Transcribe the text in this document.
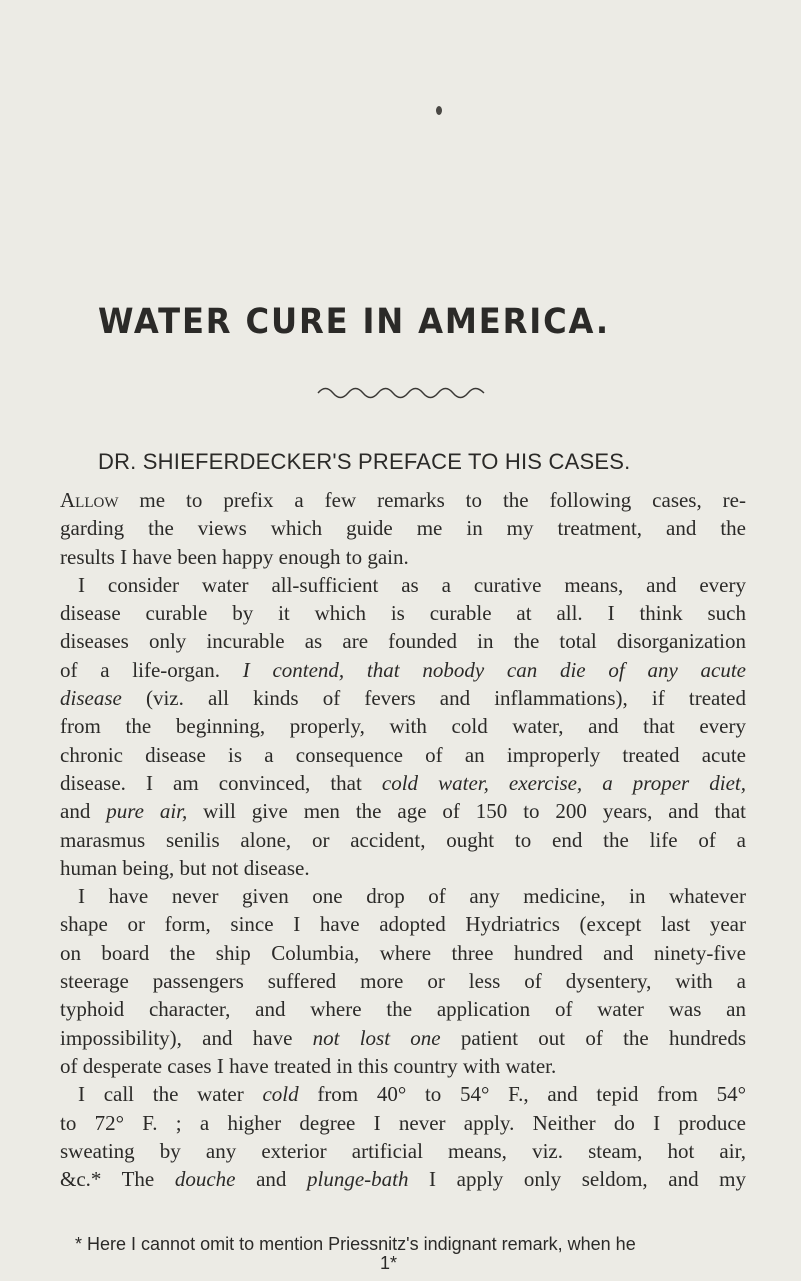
WATER CURE IN AMERICA.
DR. SHIEFERDECKER'S PREFACE TO HIS CASES.
Allow me to prefix a few remarks to the following cases, re-
garding the views which guide me in my treatment, and the
results I have been happy enough to gain.
I consider water all-sufficient as a curative means, and every
disease curable by it which is curable at all. I think such
diseases only incurable as are founded in the total disorganization
of a life-organ. I contend, that nobody can die of any acute
disease (viz. all kinds of fevers and inflammations), if treated
from the beginning, properly, with cold water, and that every
chronic disease is a consequence of an improperly treated acute
disease. I am convinced, that cold water, exercise, a proper diet,
and pure air, will give men the age of 150 to 200 years, and that
marasmus senilis alone, or accident, ought to end the life of a
human being, but not disease.
I have never given one drop of any medicine, in whatever
shape or form, since I have adopted Hydriatrics (except last year
on board the ship Columbia, where three hundred and ninety-five
steerage passengers suffered more or less of dysentery, with a
typhoid character, and where the application of water was an
impossibility), and have not lost one patient out of the hundreds
of desperate cases I have treated in this country with water.
I call the water cold from 40° to 54° F., and tepid from 54°
to 72° F. ; a higher degree I never apply. Neither do I produce
sweating by any exterior artificial means, viz. steam, hot air,
&c.* The douche and plunge-bath I apply only seldom, and my
* Here I cannot omit to mention Priessnitz's indignant remark, when he
1*
